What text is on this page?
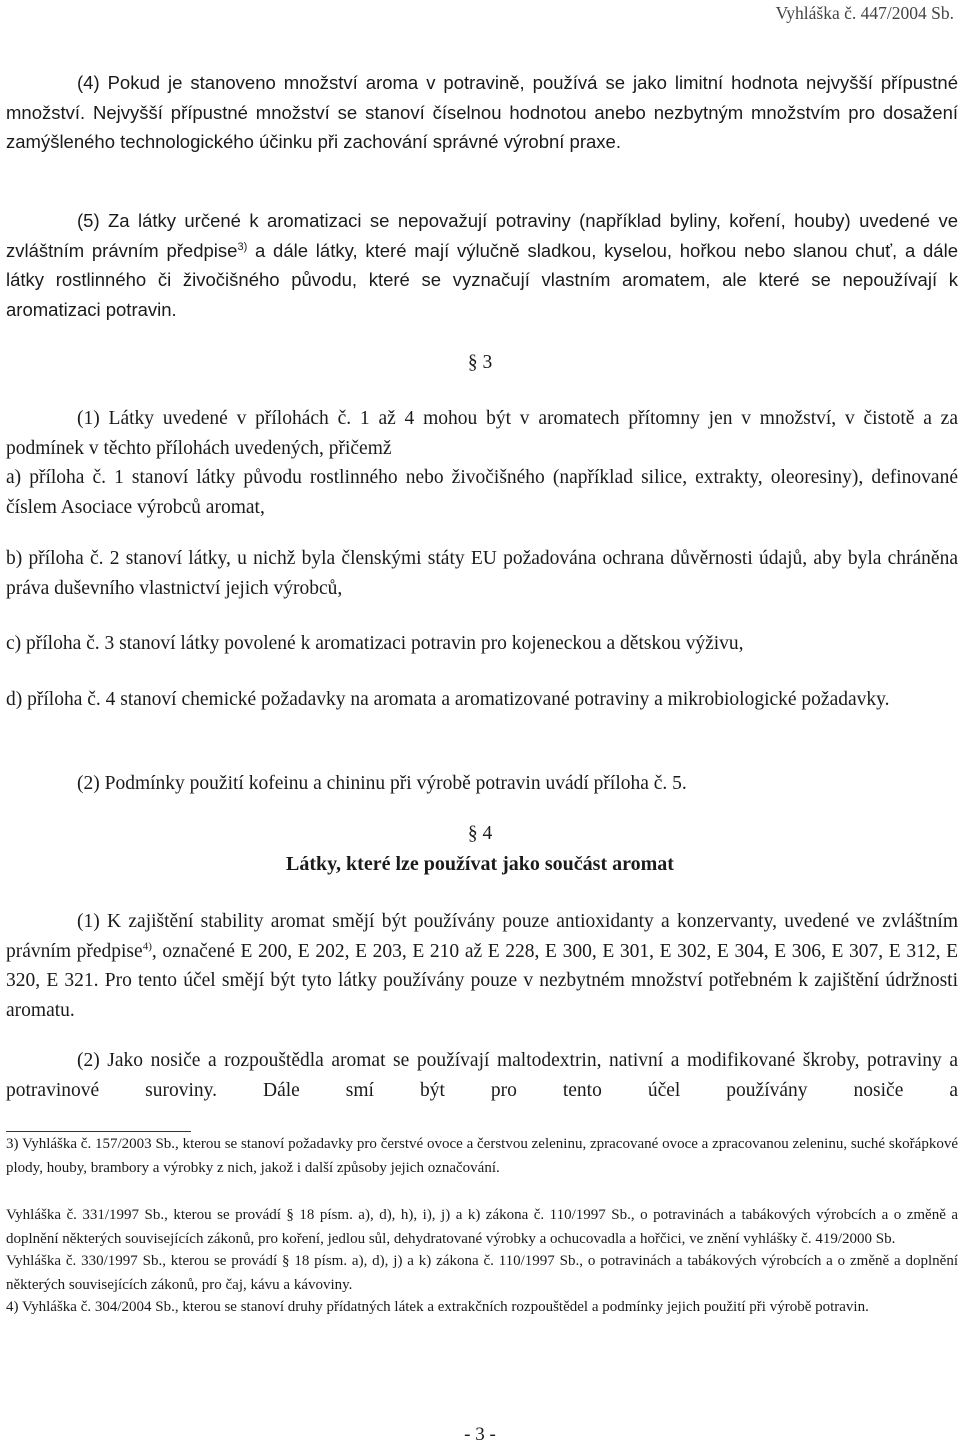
Vyhláška č. 447/2004 Sb.
(4) Pokud je stanoveno množství aroma v potravině, používá se jako limitní hodnota nejvyšší přípustné množství. Nejvyšší přípustné množství se stanoví číselnou hodnotou anebo nezbytným množstvím pro dosažení zamýšleného technologického účinku při zachování správné výrobní praxe.
(5) Za látky určené k aromatizaci se nepovažují potraviny (například byliny, koření, houby) uvedené ve zvláštním právním předpise$^{3)}$ a dále látky, které mají výlučně sladkou, kyselou, hořkou nebo slanou chuť, a dále látky rostlinného či živočišného původu, které se vyznačují vlastním aromatem, ale které se nepoužívají k aromatizaci potravin.
§ 3
(1) Látky uvedené v přílohách č. 1 až 4 mohou být v aromatech přítomny jen v množství, v čistotě a za podmínek v těchto přílohách uvedených, přičemž
a) příloha č. 1 stanoví látky původu rostlinného nebo živočišného (například silice, extrakty, oleoresiny), definované číslem Asociace výrobců aromat,
b) příloha č. 2 stanoví látky, u nichž byla členskými státy EU požadována ochrana důvěrnosti údajů, aby byla chráněna práva duševního vlastnictví jejich výrobců,
c) příloha č. 3 stanoví látky povolené k aromatizaci potravin pro kojeneckou a dětskou výživu,
d) příloha č. 4 stanoví chemické požadavky na aromata a aromatizované potraviny a mikrobiologické požadavky.
(2) Podmínky použití kofeinu a chininu při výrobě potravin uvádí příloha č. 5.
§ 4
Látky, které lze používat jako součást aromat
(1) K zajištění stability aromat smějí být používány pouze antioxidanty a konzervanty, uvedené ve zvláštním právním předpise$^{4)}$, označené E 200, E 202, E 203, E 210 až E 228, E 300, E 301, E 302, E 304, E 306, E 307, E 312, E 320, E 321. Pro tento účel smějí být tyto látky používány pouze v nezbytném množství potřebném k zajištění údržnosti aromatu.
(2) Jako nosiče a rozpouštědla aromat se používají maltodextrin, nativní a modifikované škroby, potraviny a potravinové suroviny. Dále smí být pro tento účel používány nosiče a
3) Vyhláška č. 157/2003 Sb., kterou se stanoví požadavky pro čerstvé ovoce a čerstvou zeleninu, zpracované ovoce a zpracovanou zeleninu, suché skořápkové plody, houby, brambory a výrobky z nich, jakož i další způsoby jejich označování.
Vyhláška č. 331/1997 Sb., kterou se provádí § 18 písm. a), d), h), i), j) a k) zákona č. 110/1997 Sb., o potravinách a tabákových výrobcích a o změně a doplnění některých souvisejících zákonů, pro koření, jedlou sůl, dehydratované výrobky a ochucovadla a hořčici, ve znění vyhlášky č. 419/2000 Sb.
Vyhláška č. 330/1997 Sb., kterou se provádí § 18 písm. a), d), j) a k) zákona č. 110/1997 Sb., o potravinách a tabákových výrobcích a o změně a doplnění některých souvisejících zákonů, pro čaj, kávu a kávoviny.
4) Vyhláška č. 304/2004 Sb., kterou se stanoví druhy přídatných látek a extrakčních rozpouštědel a podmínky jejich použití při výrobě potravin.
- 3 -
